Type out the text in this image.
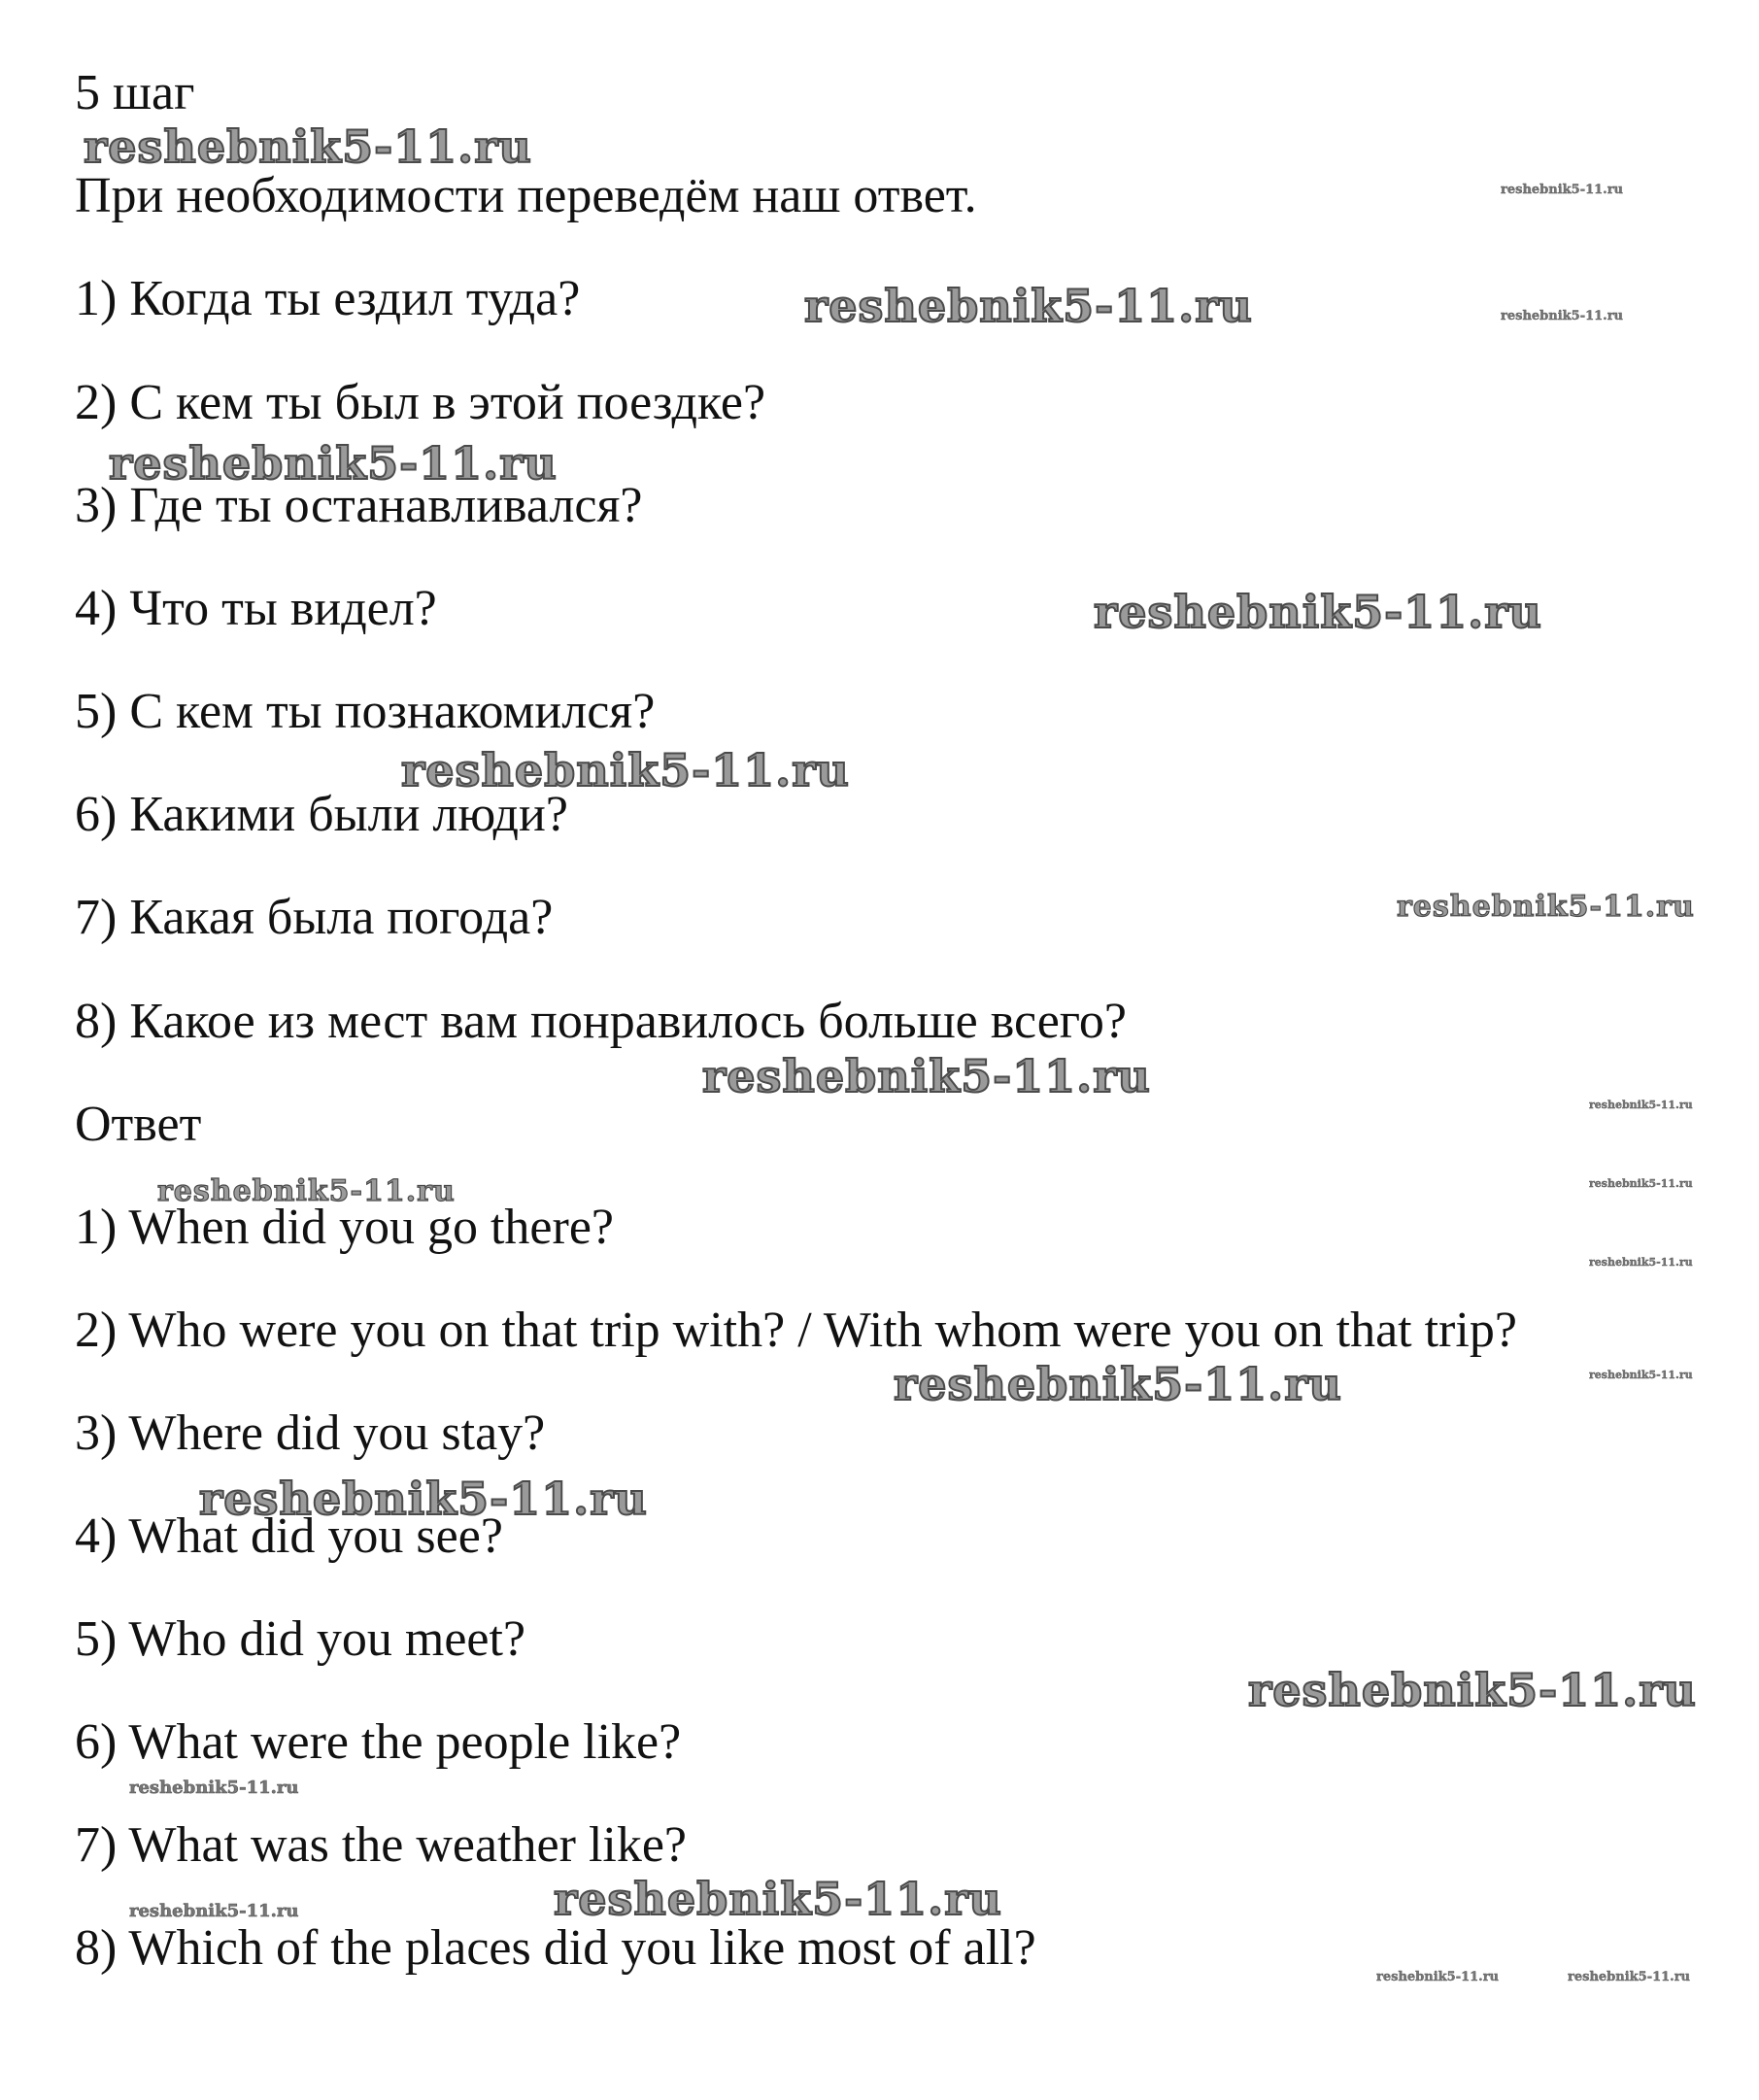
5 шаг
При необходимости переведём наш ответ.
1) Когда ты ездил туда?
2) С кем ты был в этой поездке?
3) Где ты останавливался?
4) Что ты видел?
5) С кем ты познакомился?
6) Какими были люди?
7) Какая была погода?
8) Какое из мест вам понравилось больше всего?
Ответ
1) When did you go there?
2) Who were you on that trip with? / With whom were you on that trip?
3) Where did you stay?
4) What did you see?
5) Who did you meet?
6) What were the people like?
7) What was the weather like?
8) Which of the places did you like most of all?
reshebnik5-11.ru
reshebnik5-11.ru
reshebnik5-11.ru	reshebnik5-11.ru
reshebnik5-11.ru
reshebnik5-11.ru
reshebnik5-11.ru
reshebnik5-11.ru
reshebnik5-11.ru
reshebnik5-11.ru
reshebnik5-11.ru	reshebnik5-11.ru
reshebnik5-11.ru
reshebnik5-11.ru	reshebnik5-11.ru
reshebnik5-11.ru
reshebnik5-11.ru
reshebnik5-11.ru
reshebnik5-11.ru
reshebnik5-11.ru
reshebnik5-11.ru	reshebnik5-11.ru
